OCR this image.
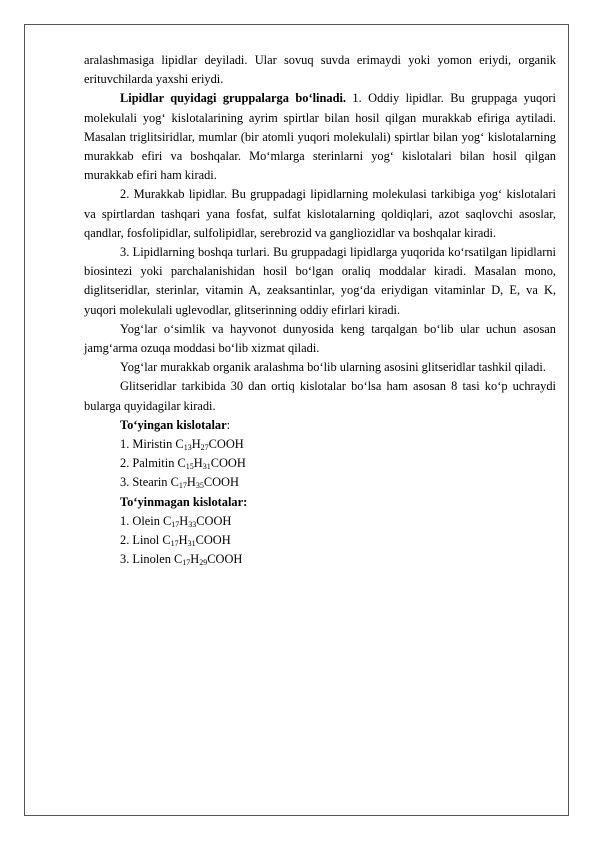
aralashmasiga lipidlar deyiladi. Ular sovuq suvda erimaydi yoki yomon eriydi, organik erituvchilarda yaxshi eriydi.

Lipidlar quyidagi gruppalarga bo‘linadi. 1. Oddiy lipidlar. Bu gruppaga yuqori molekulali yog‘ kislotalarining ayrim spirtlar bilan hosil qilgan murakkab efiriga aytiladi. Masalan triglitsiridlar, mumlar (bir atomli yuqori molekulali) spirtlar bilan yog‘ kislotalarning murakkab efiri va boshqalar. Mo‘mlarga sterinlarni yog‘ kislotalari bilan hosil qilgan murakkab efiri ham kiradi.

2. Murakkab lipidlar. Bu gruppadagi lipidlarning molekulasi tarkibiga yog‘ kislotalari va spirtlardan tashqari yana fosfat, sulfat kislotalarning qoldiqlari, azot saqlovchi asoslar, qandlar, fosfolipidlar, sulfolipidlar, serebrozid va gangliozidlar va boshqalar kiradi.

3. Lipidlarning boshqa turlari. Bu gruppadagi lipidlarga yuqorida ko‘rsatilgan lipidlarni biosintezi yoki parchalanishidan hosil bo‘lgan oraliq moddalar kiradi. Masalan mono, diglitseridlar, sterinlar, vitamin A, zeaksantinlar, yog‘da eriydigan vitaminlar D, E, va K, yuqori molekulali uglevodlar, glitserinning oddiy efirlari kiradi.

Yog‘lar o‘simlik va hayvonot dunyosida keng tarqalgan bo‘lib ular uchun asosan jamg‘arma ozuqa moddasi bo‘lib xizmat qiladi.

Yog‘lar murakkab organik aralashma bo‘lib ularning asosini glitseridlar tashkil qiladi.

Glitseridlar tarkibida 30 dan ortiq kislotalar bo‘lsa ham asosan 8 tasi ko‘p uchraydi bularga quyidagilar kiradi.

To‘yingan kislotalar:

1. Miristin $C_{13}H_{27}COOH$

2. Palmitin $C_{15}H_{31}COOH$

3. Stearin $C_{17}H_{35}COOH$

To‘yinmagan kislotalar:

1. Olein $C_{17}H_{33}COOH$

2. Linol $C_{17}H_{31}COOH$

3. Linolen $C_{17}H_{29}COOH$
